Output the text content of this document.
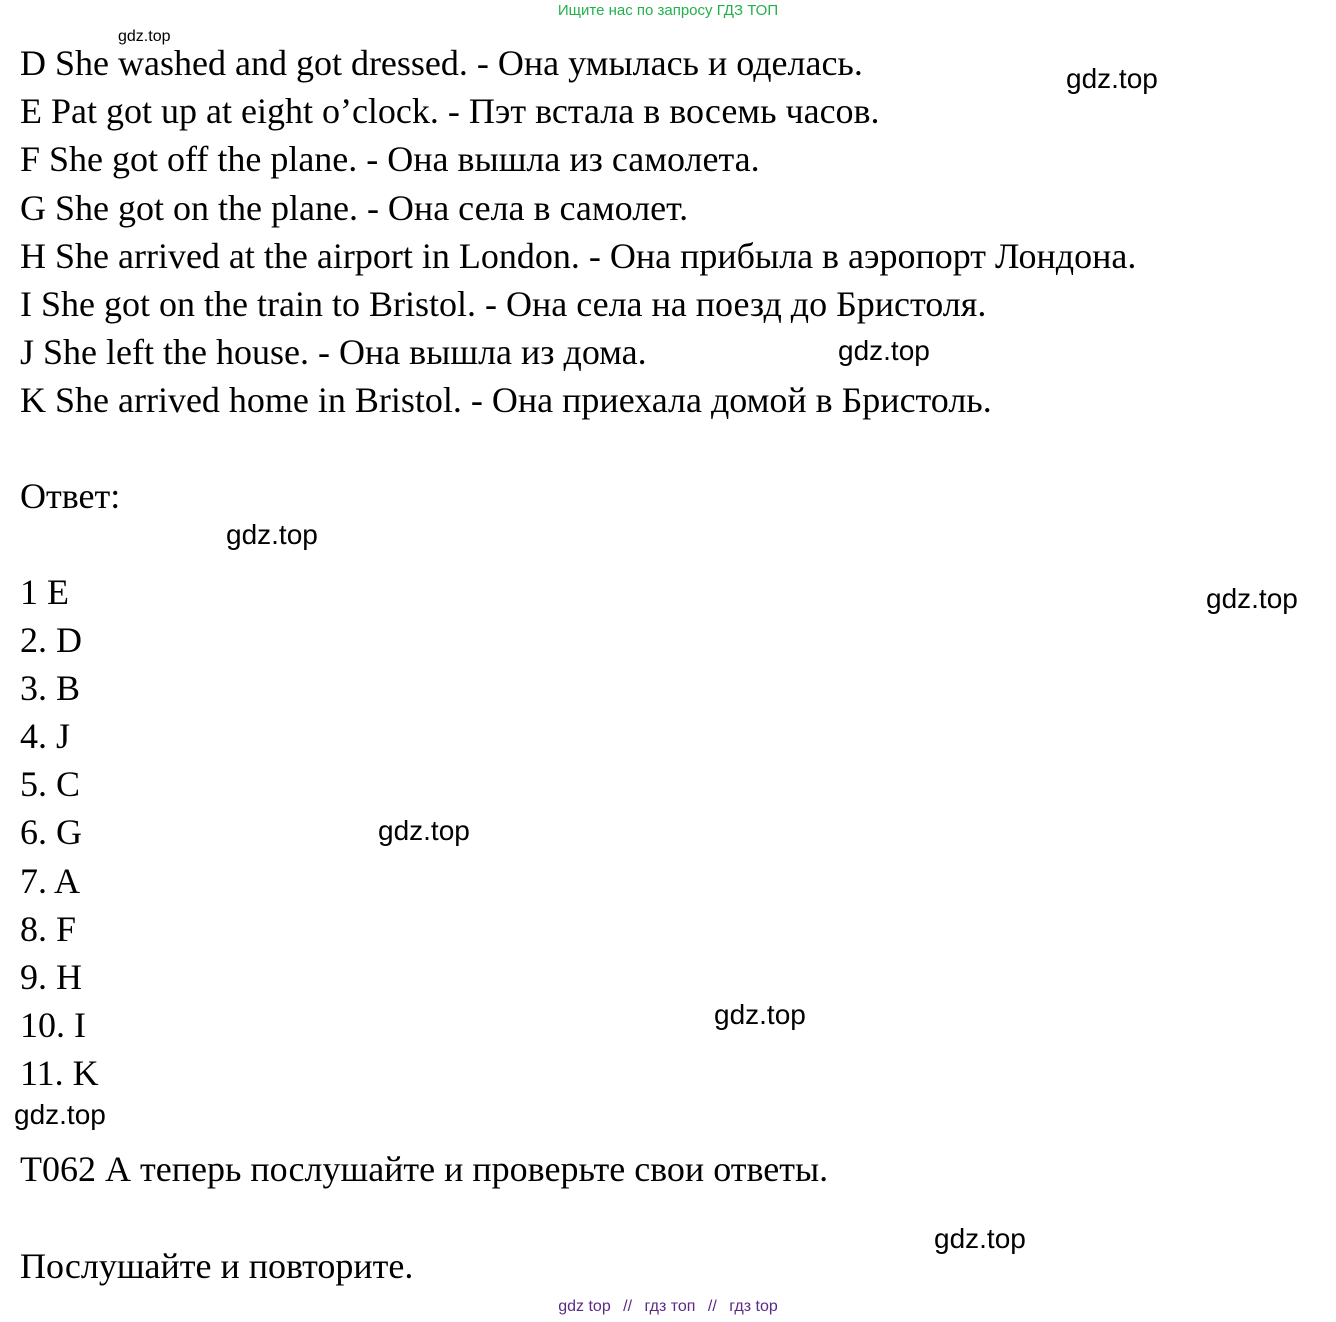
Ищите нас по запросу ГДЗ ТОП
D She washed and got dressed. - Она умылась и оделась.
E Pat got up at eight o’clock. - Пэт встала в восемь часов.
F She got off the plane. - Она вышла из самолета.
G She got on the plane. - Она села в самолет.
H She arrived at the airport in London. - Она прибыла в аэропорт Лондона.
I She got on the train to Bristol. - Она села на поезд до Бристоля.
J She left the house. - Она вышла из дома.
K She arrived home in Bristol. - Она приехала домой в Бристоль.
Ответ:
1 E
2. D
3. B
4. J
5. C
6. G
7. A
8. F
9. H
10. I
11. K
T062 А теперь послушайте и проверьте свои ответы.
Послушайте и повторите.
gdz.top
gdz.top
gdz.top
gdz.top
gdz.top
gdz.top
gdz.top
gdz.top
gdz.top
gdz top // гдз топ // гдз top
